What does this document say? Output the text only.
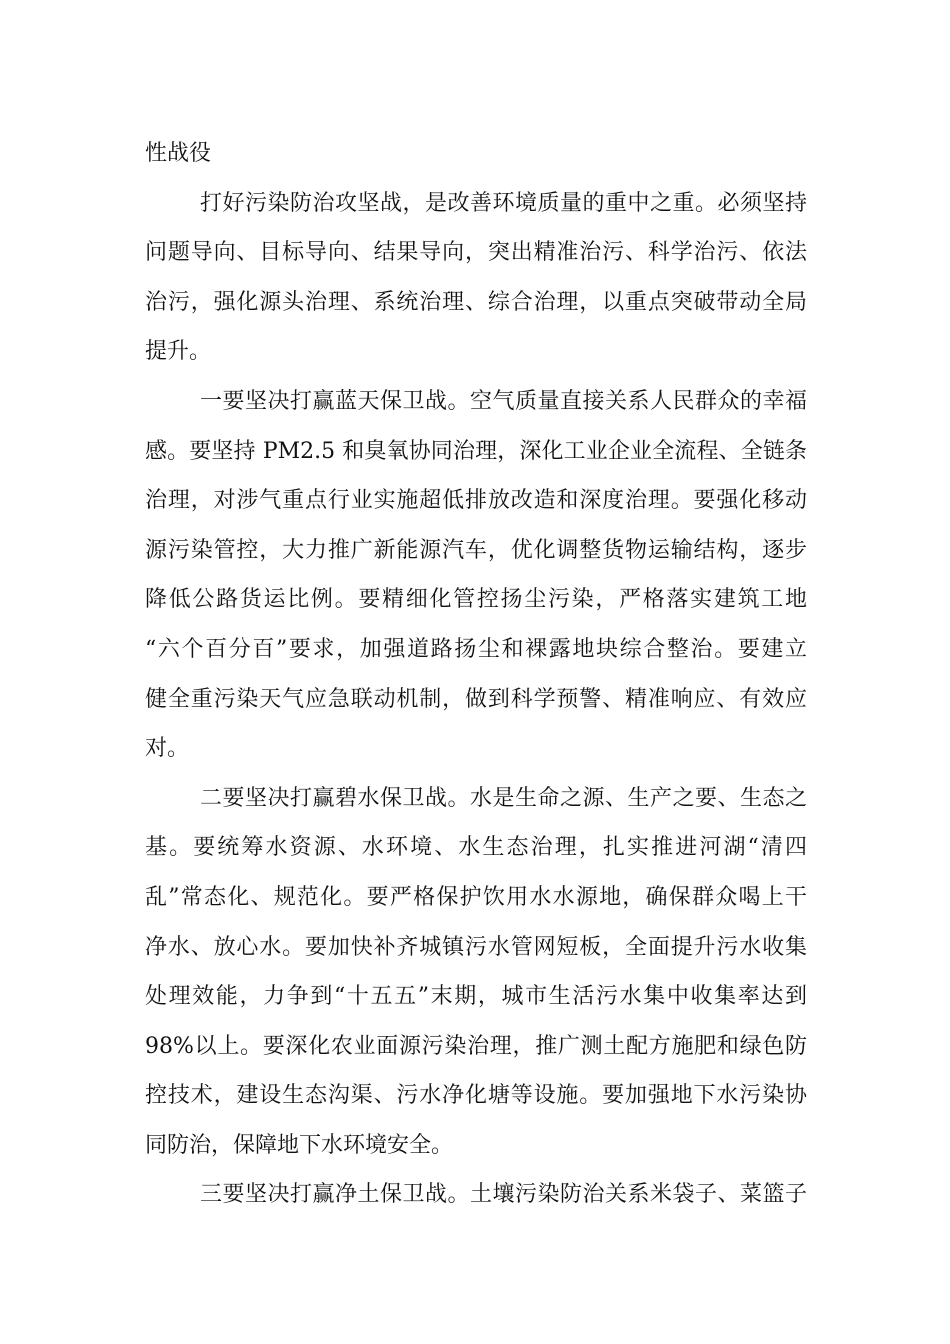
性战役

打好污染防治攻坚战，是改善环境质量的重中之重。必须坚持
问题导向、目标导向、结果导向，突出精准治污、科学治污、依法
治污，强化源头治理、系统治理、综合治理，以重点突破带动全局
提升。

一要坚决打赢蓝天保卫战。空气质量直接关系人民群众的幸福
感。要坚持 PM2.5 和臭氧协同治理，深化工业企业全流程、全链条
治理，对涉气重点行业实施超低排放改造和深度治理。要强化移动
源污染管控，大力推广新能源汽车，优化调整货物运输结构，逐步
降低公路货运比例。要精细化管控扬尘污染，严格落实建筑工地
“六个百分百”要求，加强道路扬尘和裸露地块综合整治。要建立
健全重污染天气应急联动机制，做到科学预警、精准响应、有效应
对。

二要坚决打赢碧水保卫战。水是生命之源、生产之要、生态之
基。要统筹水资源、水环境、水生态治理，扎实推进河湖“清四
乱”常态化、规范化。要严格保护饮用水水源地，确保群众喝上干
净水、放心水。要加快补齐城镇污水管网短板，全面提升污水收集
处理效能，力争到“十五五”末期，城市生活污水集中收集率达到
98%以上。要深化农业面源污染治理，推广测土配方施肥和绿色防
控技术，建设生态沟渠、污水净化塘等设施。要加强地下水污染协
同防治，保障地下水环境安全。

三要坚决打赢净土保卫战。土壤污染防治关系米袋子、菜篮子
